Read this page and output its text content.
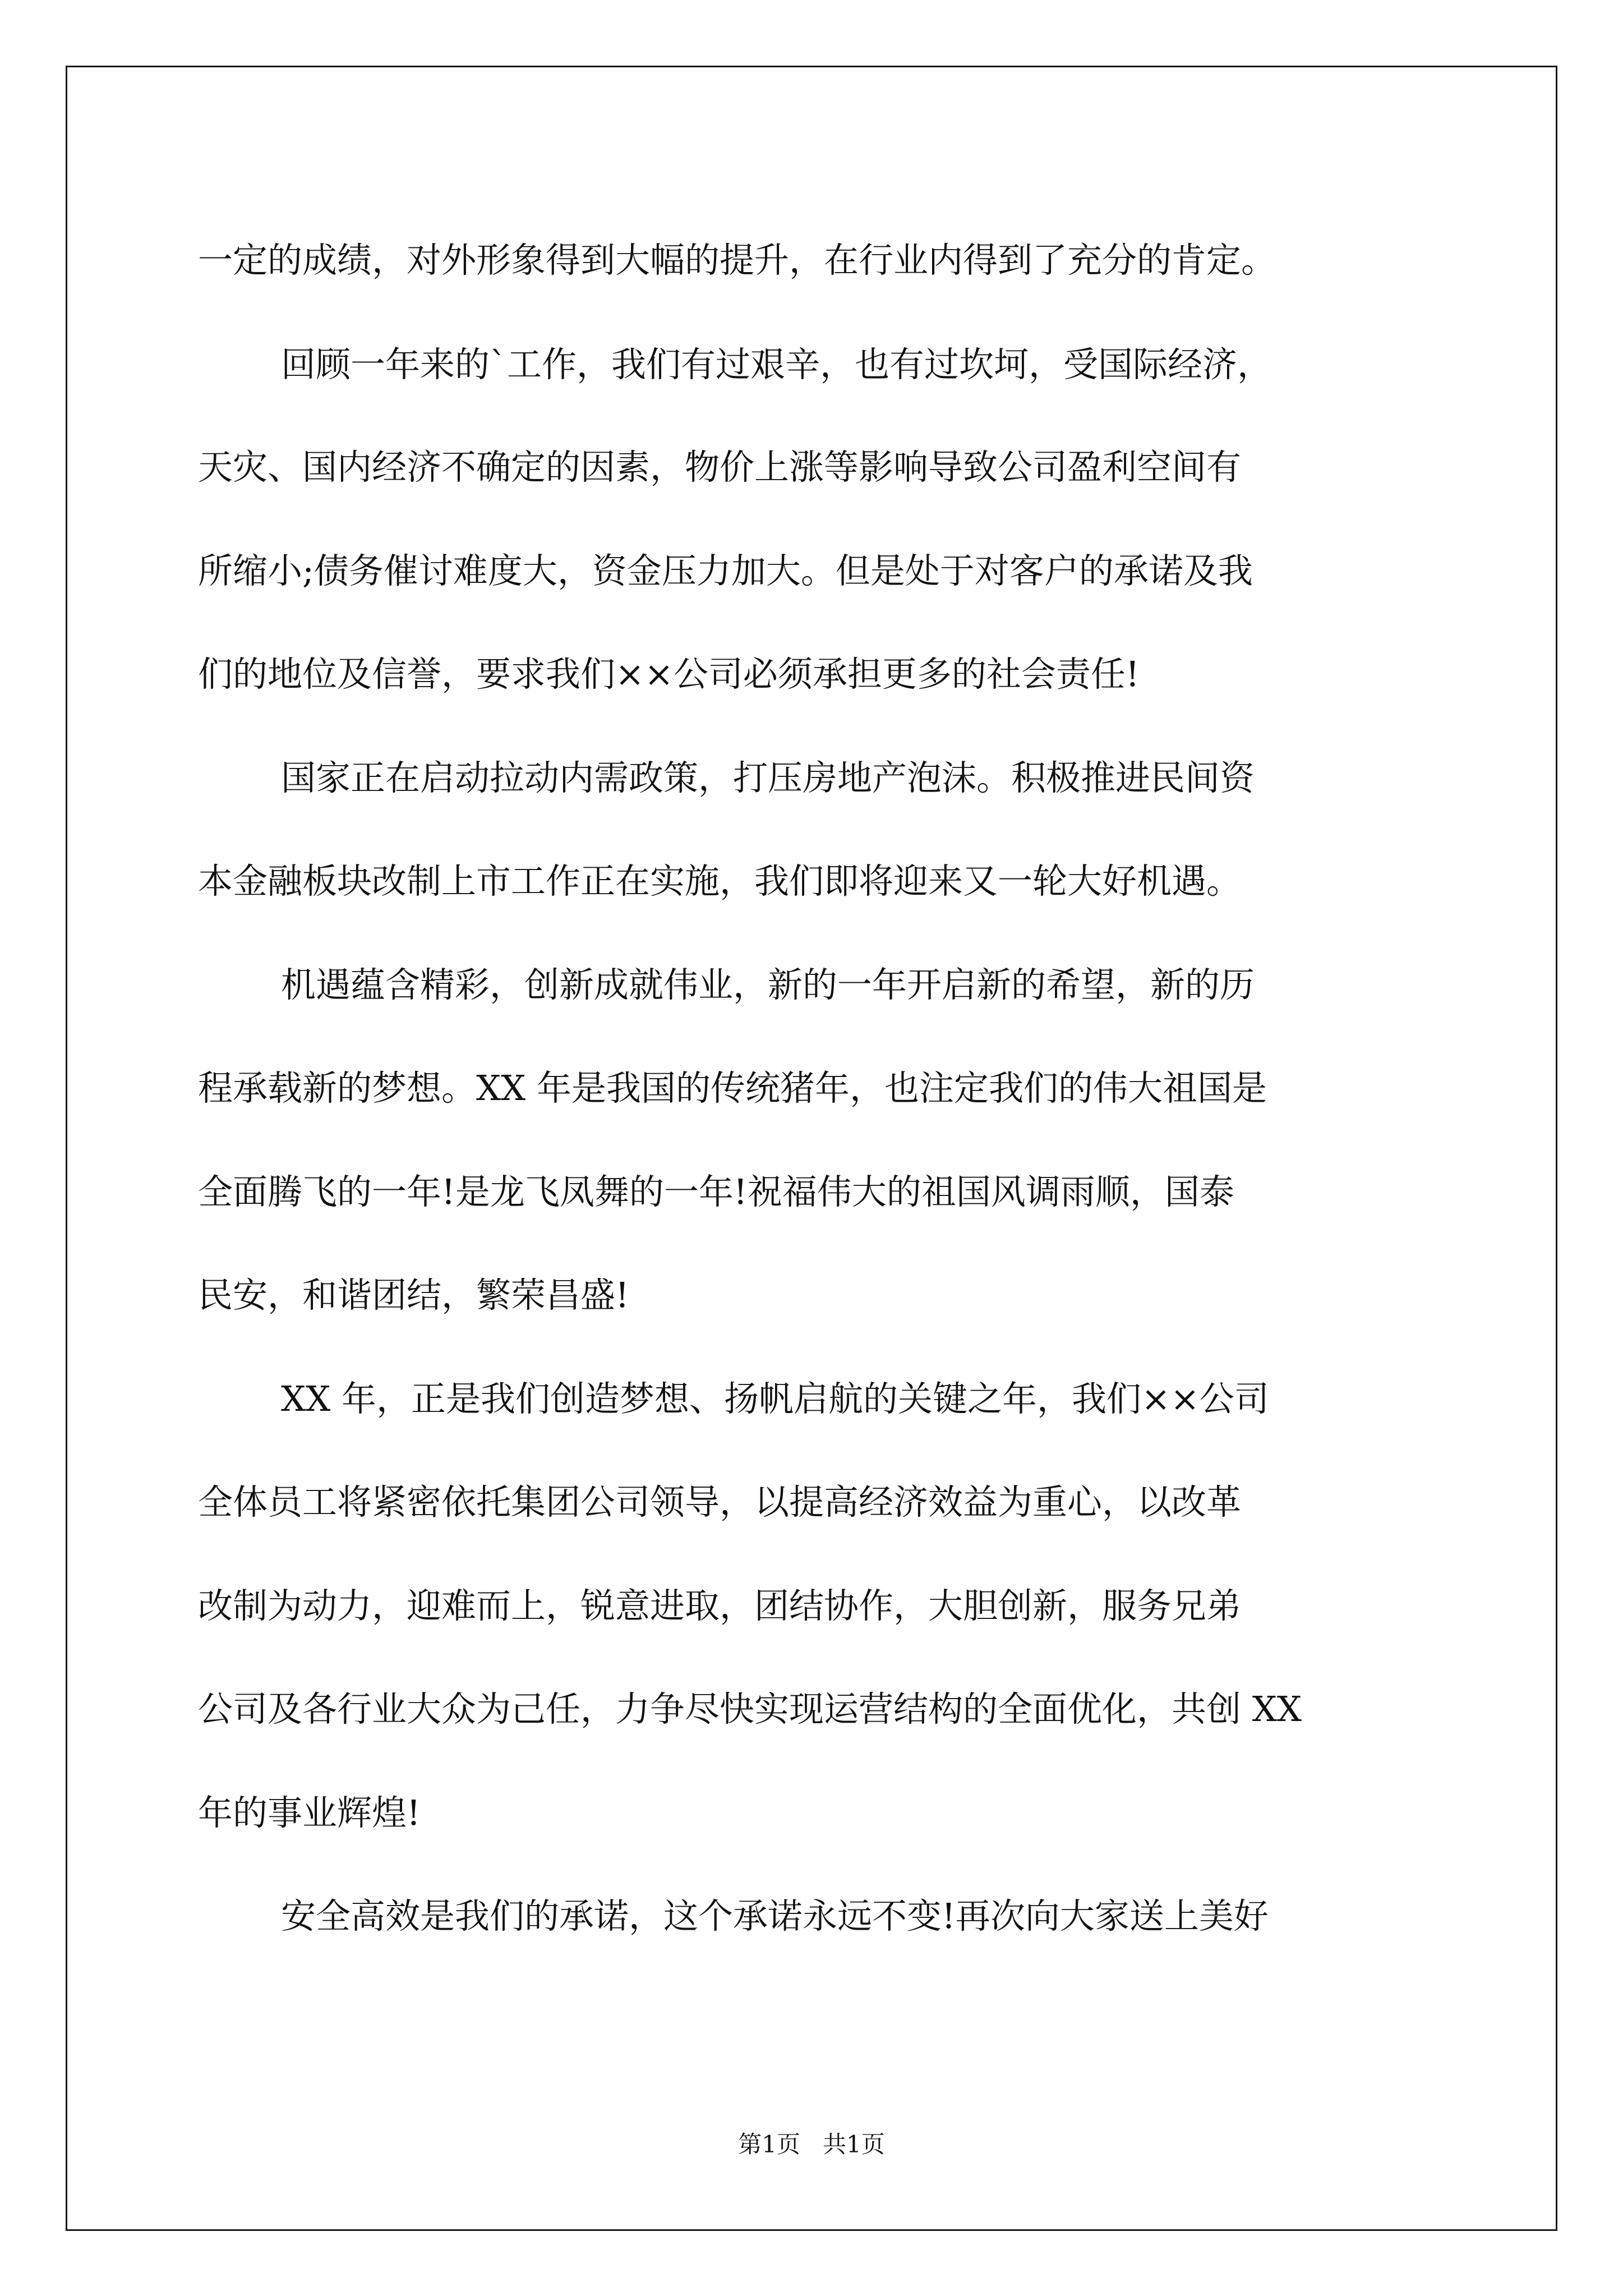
一定的成绩，对外形象得到大幅的提升，在行业内得到了充分的肯定。
回顾一年来的`工作，我们有过艰辛，也有过坎坷，受国际经济，
天灾、国内经济不确定的因素，物价上涨等影响导致公司盈利空间有
所缩小;债务催讨难度大，资金压力加大。但是处于对客户的承诺及我
们的地位及信誉，要求我们××公司必须承担更多的社会责任!
国家正在启动拉动内需政策，打压房地产泡沫。积极推进民间资
本金融板块改制上市工作正在实施，我们即将迎来又一轮大好机遇。
机遇蕴含精彩，创新成就伟业，新的一年开启新的希望，新的历
程承载新的梦想。XX 年是我国的传统猪年，也注定我们的伟大祖国是
全面腾飞的一年!是龙飞凤舞的一年!祝福伟大的祖国风调雨顺，国泰
民安，和谐团结，繁荣昌盛!
XX 年，正是我们创造梦想、扬帆启航的关键之年，我们××公司
全体员工将紧密依托集团公司领导，以提高经济效益为重心，以改革
改制为动力，迎难而上，锐意进取，团结协作，大胆创新，服务兄弟
公司及各行业大众为己任，力争尽快实现运营结构的全面优化，共创 XX
年的事业辉煌!
安全高效是我们的承诺，这个承诺永远不变!再次向大家送上美好
第1页   共1页
